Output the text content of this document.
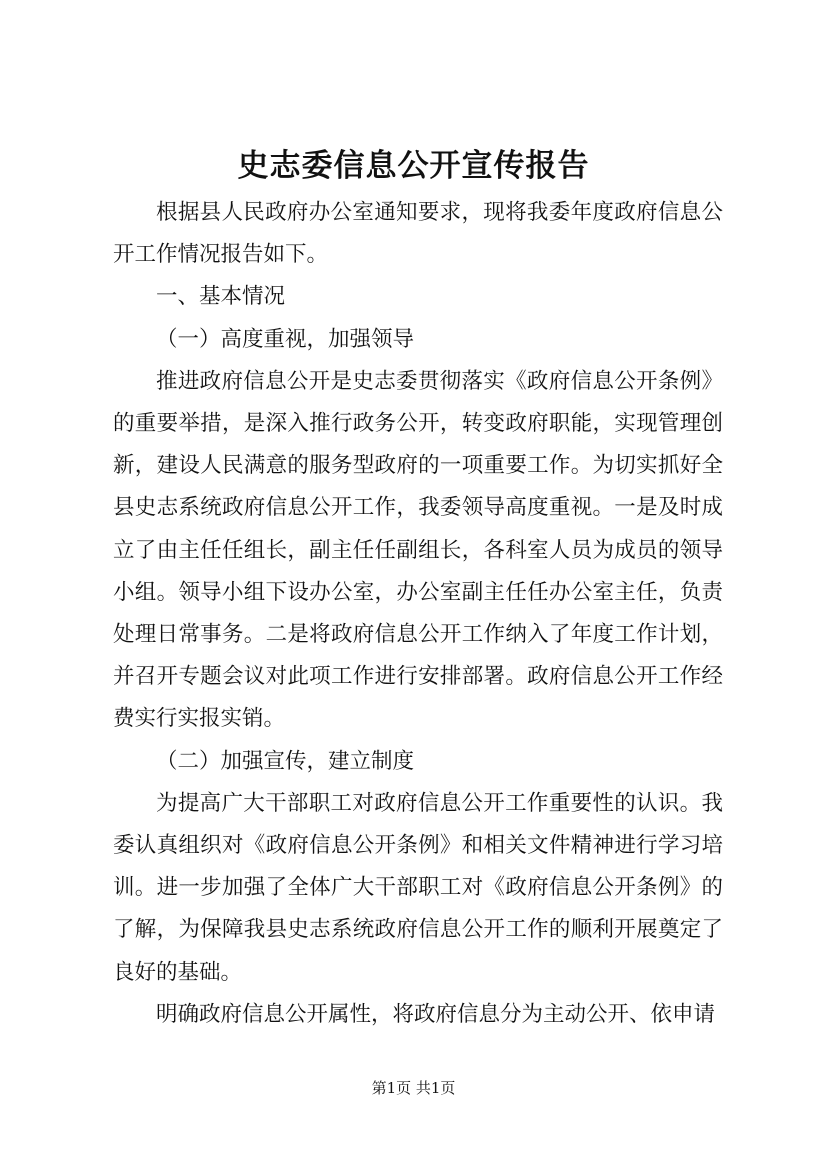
史志委信息公开宣传报告

根据县人民政府办公室通知要求，现将我委年度政府信息公开工作情况报告如下。

一、基本情况

（一）高度重视，加强领导

推进政府信息公开是史志委贯彻落实《政府信息公开条例》的重要举措，是深入推行政务公开，转变政府职能，实现管理创新，建设人民满意的服务型政府的一项重要工作。为切实抓好全县史志系统政府信息公开工作，我委领导高度重视。一是及时成立了由主任任组长，副主任任副组长，各科室人员为成员的领导小组。领导小组下设办公室，办公室副主任任办公室主任，负责处理日常事务。二是将政府信息公开工作纳入了年度工作计划，并召开专题会议对此项工作进行安排部署。政府信息公开工作经费实行实报实销。

（二）加强宣传，建立制度

为提高广大干部职工对政府信息公开工作重要性的认识。我委认真组织对《政府信息公开条例》和相关文件精神进行学习培训。进一步加强了全体广大干部职工对《政府信息公开条例》的了解，为保障我县史志系统政府信息公开工作的顺利开展奠定了良好的基础。

明确政府信息公开属性，将政府信息分为主动公开、依申请

第1页 共1页
